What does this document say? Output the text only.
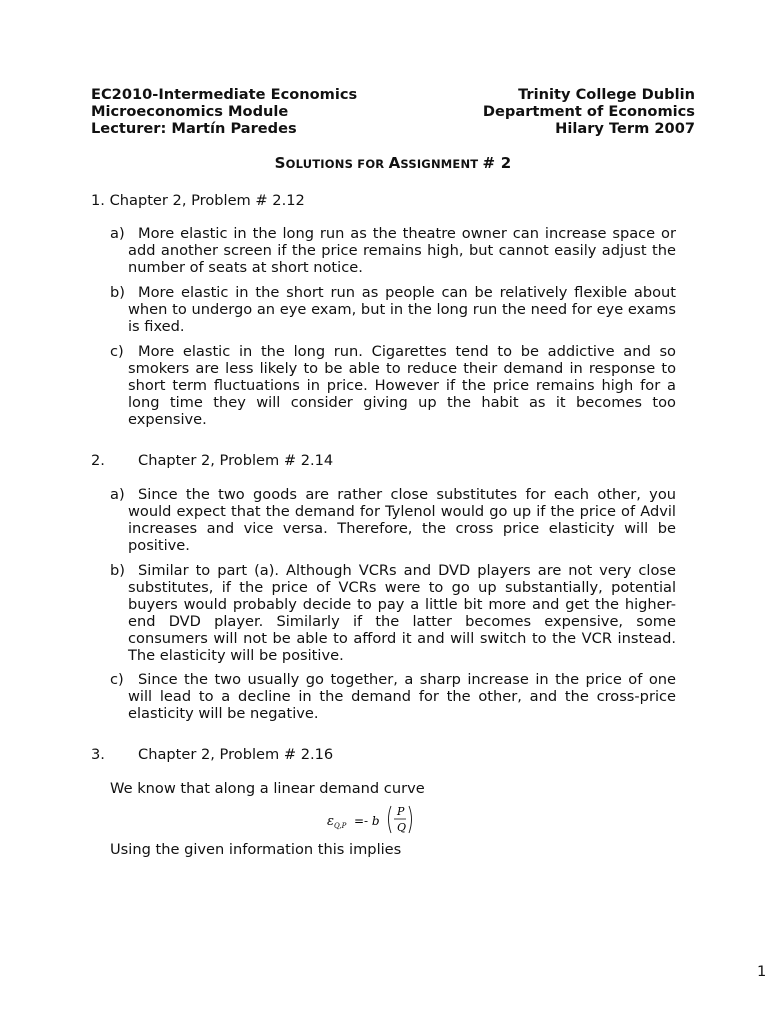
EC2010-Intermediate Economics	Trinity College Dublin
Microeconomics Module	Department of Economics
Lecturer: Martín Paredes	Hilary Term 2007
SOLUTIONS FOR ASSIGNMENT # 2
1. Chapter 2, Problem # 2.12
a) More elastic in the long run as the theatre owner can increase space or add another screen if the price remains high, but cannot easily adjust the number of seats at short notice.
b) More elastic in the short run as people can be relatively flexible about when to undergo an eye exam, but in the long run the need for eye exams is fixed.
c) More elastic in the long run. Cigarettes tend to be addictive and so smokers are less likely to be able to reduce their demand in response to short term fluctuations in price. However if the price remains high for a long time they will consider giving up the habit as it becomes too expensive.
2. Chapter 2, Problem # 2.14
a) Since the two goods are rather close substitutes for each other, you would expect that the demand for Tylenol would go up if the price of Advil increases and vice versa. Therefore, the cross price elasticity will be positive.
b) Similar to part (a). Although VCRs and DVD players are not very close substitutes, if the price of VCRs were to go up substantially, potential buyers would probably decide to pay a little bit more and get the higher-end DVD player. Similarly if the latter becomes expensive, some consumers will not be able to afford it and will switch to the VCR instead. The elasticity will be positive.
c) Since the two usually go together, a sharp increase in the price of one will lead to a decline in the demand for the other, and the cross-price elasticity will be negative.
3. Chapter 2, Problem # 2.16
We know that along a linear demand curve
ε Q,P =- b
P
Q
Using the given information this implies
1
